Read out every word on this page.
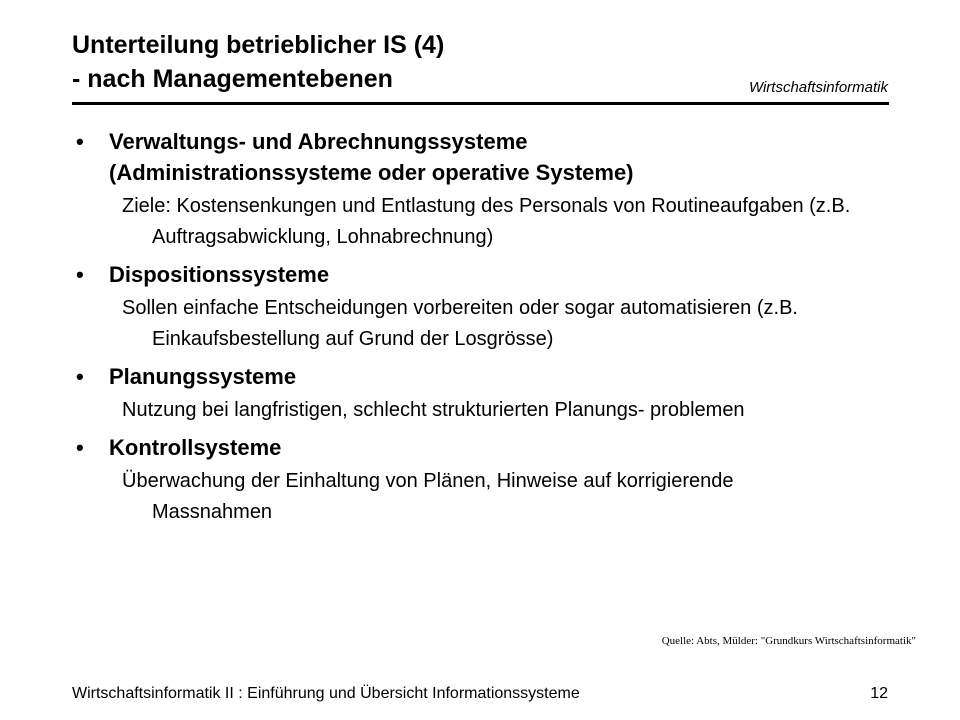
Unterteilung betrieblicher IS (4)
- nach Managementebenen	Wirtschaftsinformatik
•	Verwaltungs- und Abrechnungssysteme
(Administrationssysteme oder operative Systeme)
Ziele: Kostensenkungen und Entlastung des Personals von Routineaufgaben (z.B. Auftragsabwicklung, Lohnabrechnung)
•	Dispositionssysteme
Sollen einfache Entscheidungen vorbereiten oder sogar automatisieren (z.B. Einkaufsbestellung auf Grund der Losgrösse)
•	Planungssysteme
Nutzung bei langfristigen, schlecht strukturierten Planungs- problemen
•	Kontrollsysteme
Überwachung der Einhaltung von Plänen, Hinweise auf korrigierende Massnahmen
Quelle: Abts, Mülder: "Grundkurs Wirtschaftsinformatik"
Wirtschaftsinformatik II : Einführung und Übersicht Informationssysteme	12
